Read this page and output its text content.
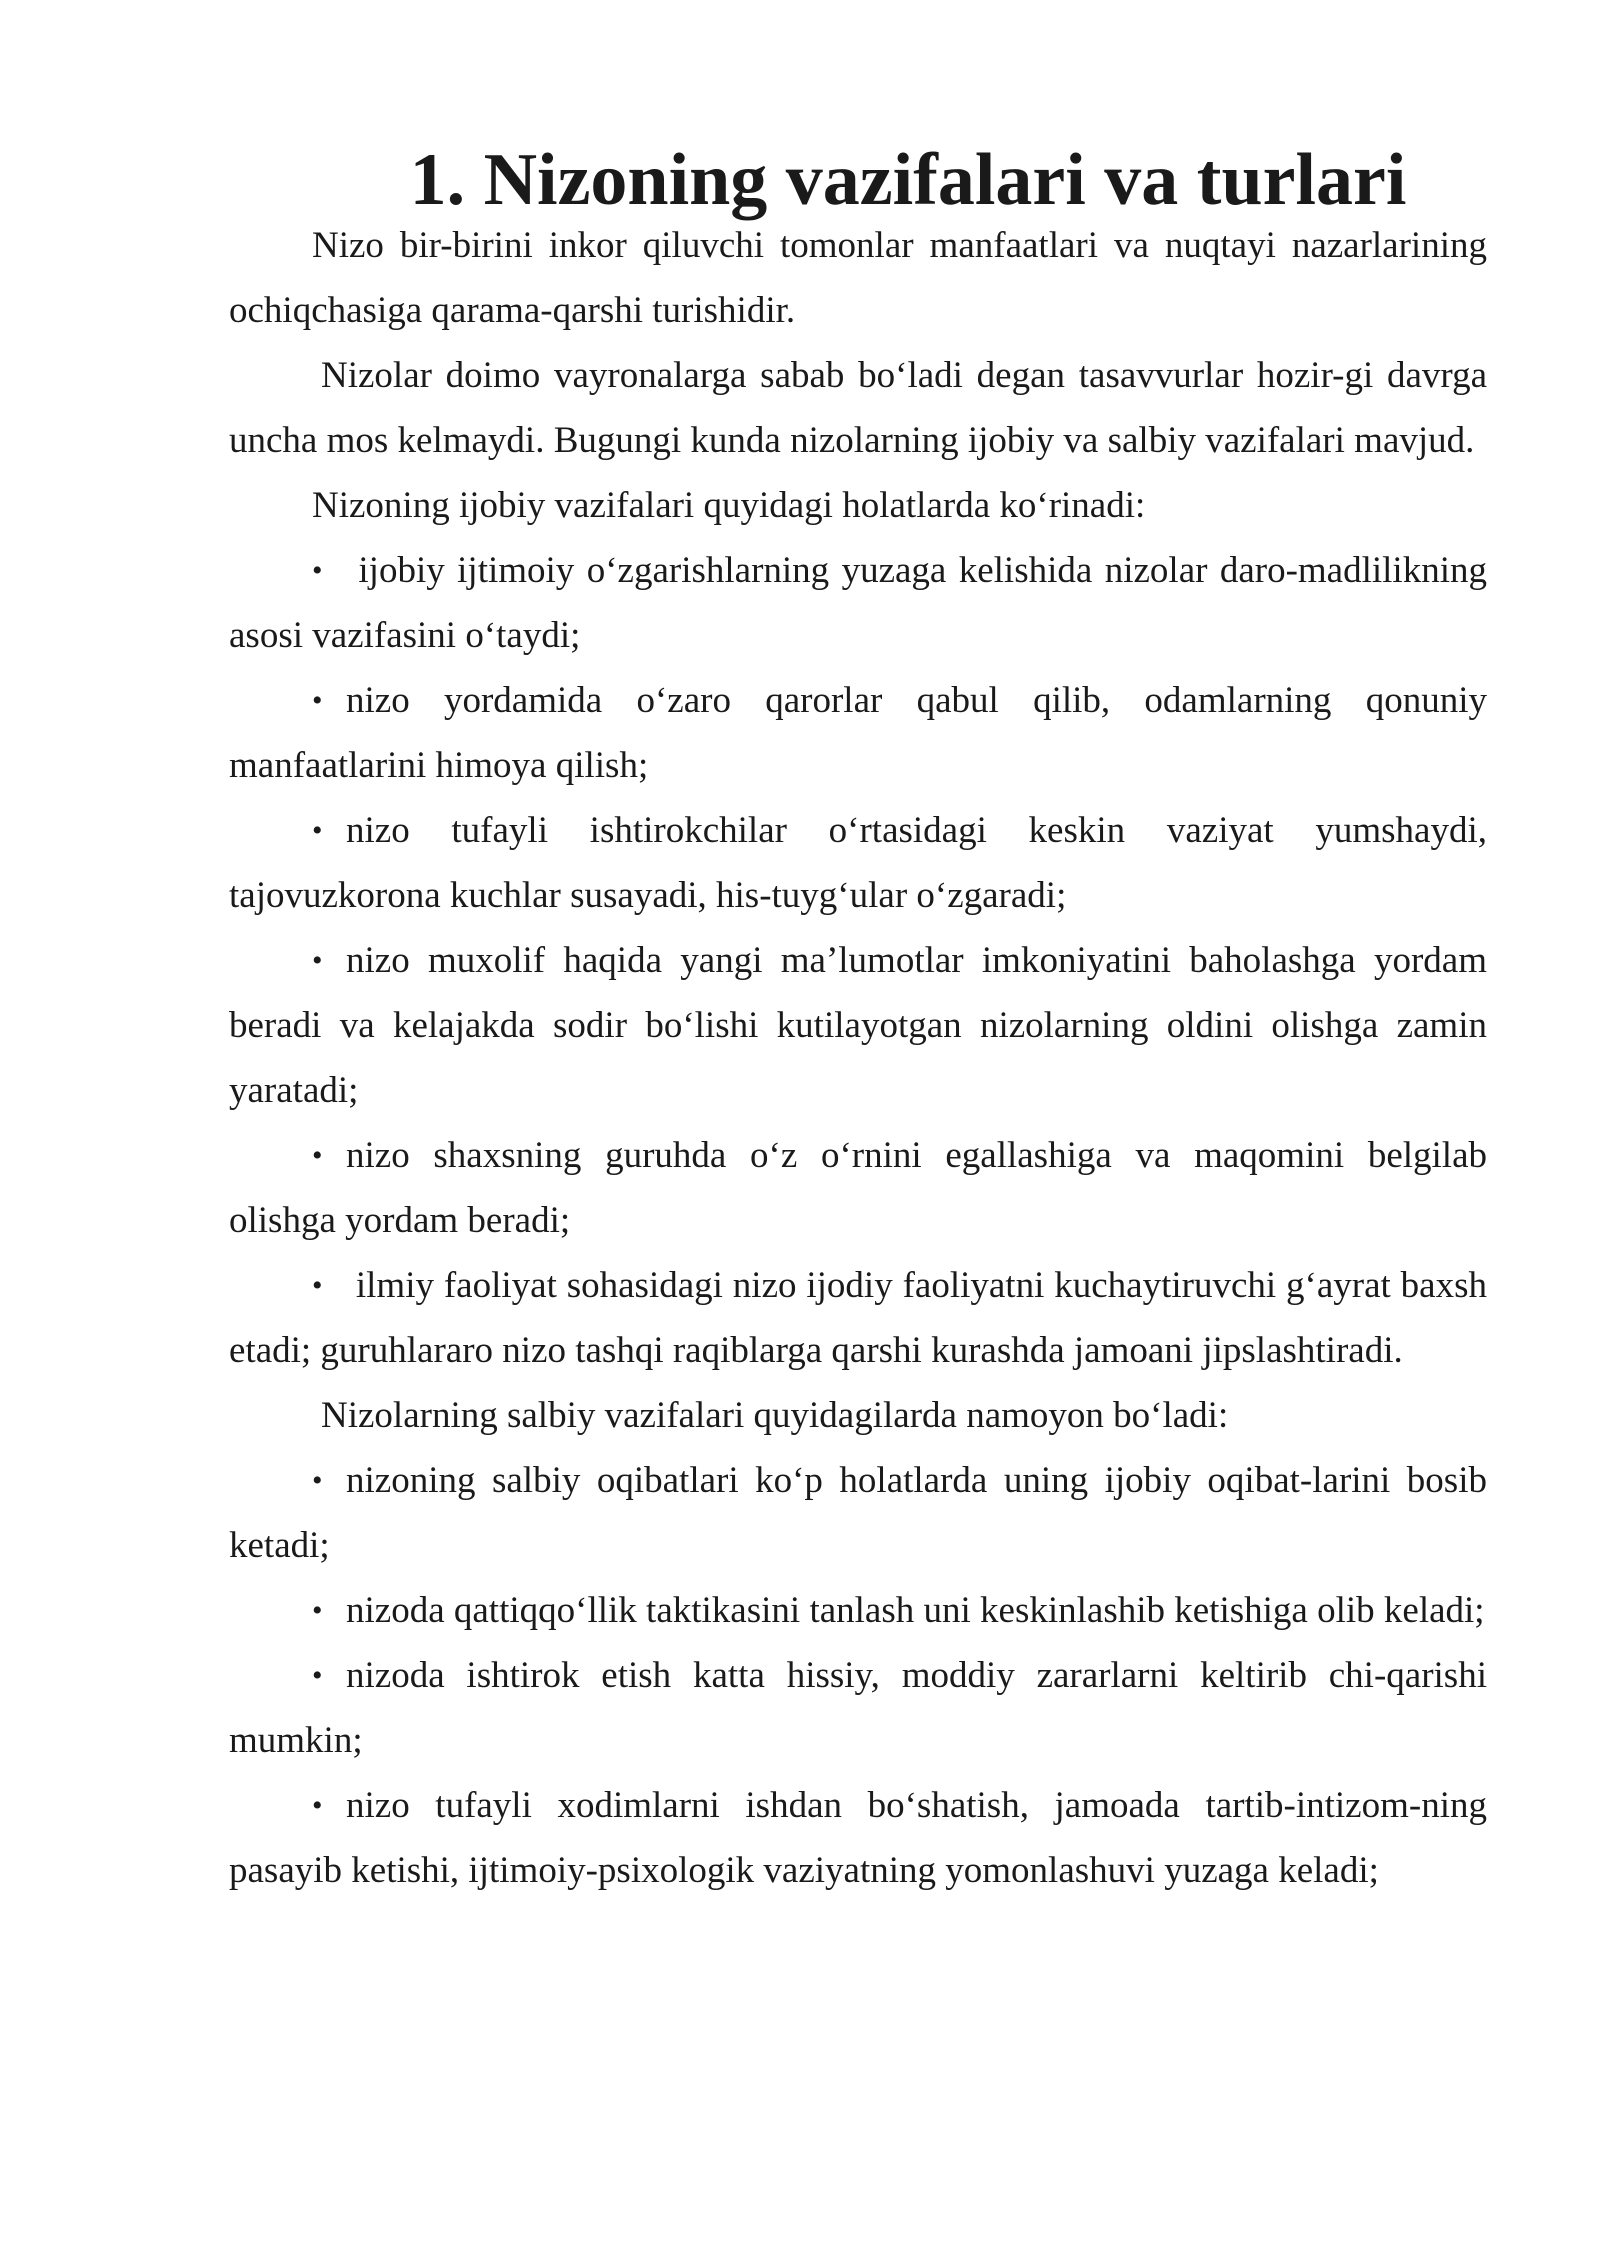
1. Nizoning vazifalari va turlari

Nizo bir-birini inkor qiluvchi tomonlar manfaatlari va nuqtayi nazarlarining ochiqchasiga qarama-qarshi turishidir.

Nizolar doimo vayronalarga sabab bo‘ladi degan tasavvurlar hozir-gi davrga uncha mos kelmaydi. Bugungi kunda nizolarning ijobiy va salbiy vazifalari mavjud.

Nizoning ijobiy vazifalari quyidagi holatlarda ko‘rinadi:

• ijobiy ijtimoiy o‘zgarishlarning yuzaga kelishida nizolar daro-madlilikning asosi vazifasini o‘taydi;
• nizo yordamida o‘zaro qarorlar qabul qilib, odamlarning qonuniy manfaatlarini himoya qilish;
• nizo tufayli ishtirokchilar o‘rtasidagi keskin vaziyat yumshaydi, tajovuzkorona kuchlar susayadi, his-tuyg‘ular o‘zgaradi;
• nizo muxolif haqida yangi ma’lumotlar imkoniyatini baholashga yordam beradi va kelajakda sodir bo‘lishi kutilayotgan nizolarning oldini olishga zamin yaratadi;
• nizo shaxsning guruhda o‘z o‘rnini egallashiga va maqomini belgilab olishga yordam beradi;
• ilmiy faoliyat sohasidagi nizo ijodiy faoliyatni kuchaytiruvchi g‘ayrat baxsh etadi; guruhlararo nizo tashqi raqiblarga qarshi kurashda jamoani jipslashtiradi.

Nizolarning salbiy vazifalari quyidagilarda namoyon bo‘ladi:

• nizoning salbiy oqibatlari ko‘p holatlarda uning ijobiy oqibat-larini bosib ketadi;
• nizoda qattiqqo‘llik taktikasini tanlash uni keskinlashib ketishiga olib keladi;
• nizoda ishtirok etish katta hissiy, moddiy zararlarni keltirib chi-qarishi mumkin;
• nizo tufayli xodimlarni ishdan bo‘shatish, jamoada tartib-intizom-ning pasayib ketishi, ijtimoiy-psixologik vaziyatning yomonlashuvi yuzaga keladi;
